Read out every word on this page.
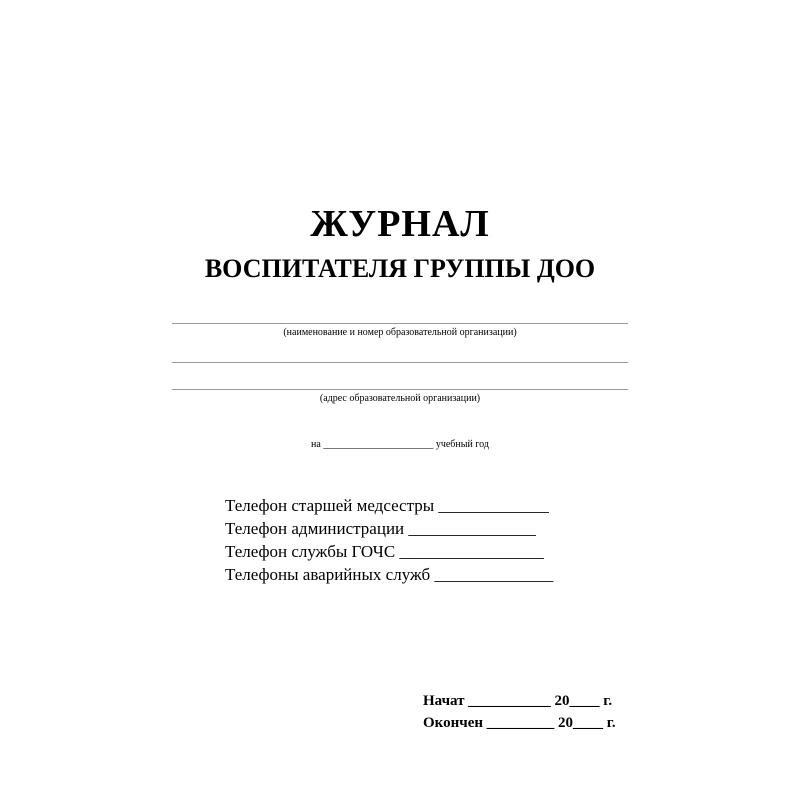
ЖУРНАЛ
ВОСПИТАТЕЛЯ ГРУППЫ ДОО
(наименование и номер образовательной организации)
(адрес образовательной организации)
на ______________________ учебный год
Телефон старшей медсестры _____________
Телефон администрации _______________
Телефон службы ГОЧС _________________
Телефоны аварийных служб ______________
Начат ___________ 20____ г.
Окончен _________ 20____ г.
